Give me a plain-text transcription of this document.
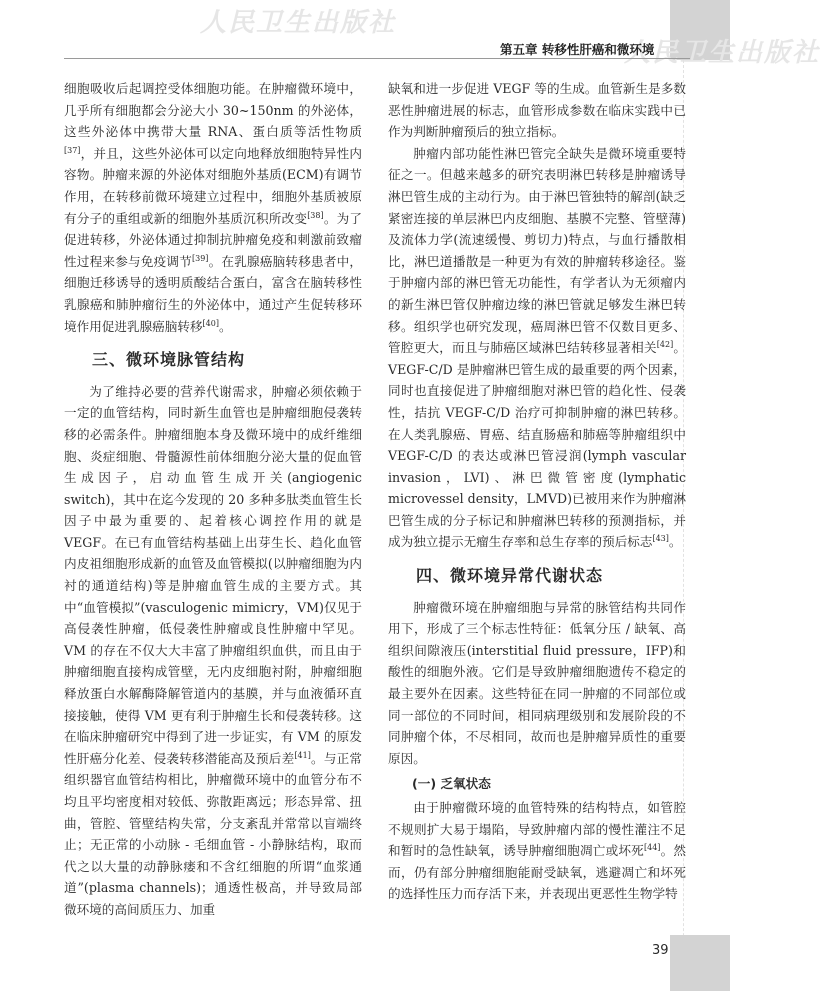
人民卫生出版社
人民卫生出版社
第五章 转移性肝癌和微环境

细胞吸收后起调控受体细胞功能。在肿瘤微环境中，几乎所有细胞都会分泌大小 30~150nm 的外泌体，这些外泌体中携带大量 RNA、蛋白质等活性物质[37]，并且，这些外泌体可以定向地释放细胞特异性内容物。肿瘤来源的外泌体对细胞外基质(ECM)有调节作用，在转移前微环境建立过程中，细胞外基质被原有分子的重组或新的细胞外基质沉积所改变[38]。为了促进转移，外泌体通过抑制抗肿瘤免疫和刺激前致瘤性过程来参与免疫调节[39]。在乳腺癌脑转移患者中，细胞迁移诱导的透明质酸结合蛋白，富含在脑转移性乳腺癌和肺肿瘤衍生的外泌体中，通过产生促转移环境作用促进乳腺癌脑转移[40]。

三、微环境脉管结构

为了维持必要的营养代谢需求，肿瘤必须依赖于一定的血管结构，同时新生血管也是肿瘤细胞侵袭转移的必需条件。肿瘤细胞本身及微环境中的成纤维细胞、炎症细胞、骨髓源性前体细胞分泌大量的促血管生成因子，启动血管生成开关(angiogenic switch)，其中在迄今发现的 20 多种多肽类血管生长因子中最为重要的、起着核心调控作用的就是 VEGF。在已有血管结构基础上出芽生长、趋化血管内皮祖细胞形成新的血管及血管模拟(以肿瘤细胞为内衬的通道结构)等是肿瘤血管生成的主要方式。其中“血管模拟”(vasculogenic mimicry，VM)仅见于高侵袭性肿瘤，低侵袭性肿瘤或良性肿瘤中罕见。VM 的存在不仅大大丰富了肿瘤组织血供，而且由于肿瘤细胞直接构成管壁，无内皮细胞衬附，肿瘤细胞释放蛋白水解酶降解管道内的基膜，并与血液循环直接接触，使得 VM 更有利于肿瘤生长和侵袭转移。这在临床肿瘤研究中得到了进一步证实，有 VM 的原发性肝癌分化差、侵袭转移潜能高及预后差[41]。与正常组织器官血管结构相比，肿瘤微环境中的血管分布不均且平均密度相对较低、弥散距离远；形态异常、扭曲，管腔、管壁结构失常，分支紊乱并常常以盲端终止；无正常的小动脉 - 毛细血管 - 小静脉结构，取而代之以大量的动静脉瘘和不含红细胞的所谓“血浆通道”(plasma channels)；通透性极高，并导致局部微环境的高间质压力、加重

缺氧和进一步促进 VEGF 等的生成。血管新生是多数恶性肿瘤进展的标志，血管形成参数在临床实践中已作为判断肿瘤预后的独立指标。

肿瘤内部功能性淋巴管完全缺失是微环境重要特征之一。但越来越多的研究表明淋巴转移是肿瘤诱导淋巴管生成的主动行为。由于淋巴管独特的解剖(缺乏紧密连接的单层淋巴内皮细胞、基膜不完整、管壁薄)及流体力学(流速缓慢、剪切力)特点，与血行播散相比，淋巴道播散是一种更为有效的肿瘤转移途径。鉴于肿瘤内部的淋巴管无功能性，有学者认为无须瘤内的新生淋巴管仅肿瘤边缘的淋巴管就足够发生淋巴转移。组织学也研究发现，癌周淋巴管不仅数目更多、管腔更大，而且与肺癌区域淋巴结转移显著相关[42]。VEGF-C/D 是肿瘤淋巴管生成的最重要的两个因素，同时也直接促进了肿瘤细胞对淋巴管的趋化性、侵袭性，拮抗 VEGF-C/D 治疗可抑制肿瘤的淋巴转移。在人类乳腺癌、胃癌、结直肠癌和肺癌等肿瘤组织中 VEGF-C/D 的表达或淋巴管浸润(lymph vascular invasion，LVI)、淋巴微管密度(lymphatic microvessel density，LMVD)已被用来作为肿瘤淋巴管生成的分子标记和肿瘤淋巴转移的预测指标，并成为独立提示无瘤生存率和总生存率的预后标志[43]。

四、微环境异常代谢状态

肿瘤微环境在肿瘤细胞与异常的脉管结构共同作用下，形成了三个标志性特征：低氧分压 / 缺氧、高组织间隙液压(interstitial fluid pressure，IFP)和酸性的细胞外液。它们是导致肿瘤细胞遗传不稳定的最主要外在因素。这些特征在同一肿瘤的不同部位或同一部位的不同时间，相同病理级别和发展阶段的不同肿瘤个体，不尽相同，故而也是肿瘤异质性的重要原因。

(一) 乏氧状态

由于肿瘤微环境的血管特殊的结构特点，如管腔不规则扩大易于塌陷，导致肿瘤内部的慢性灌注不足和暂时的急性缺氧，诱导肿瘤细胞凋亡或坏死[44]。然而，仍有部分肿瘤细胞能耐受缺氧，逃避凋亡和坏死的选择性压力而存活下来，并表现出更恶性生物学特

39
